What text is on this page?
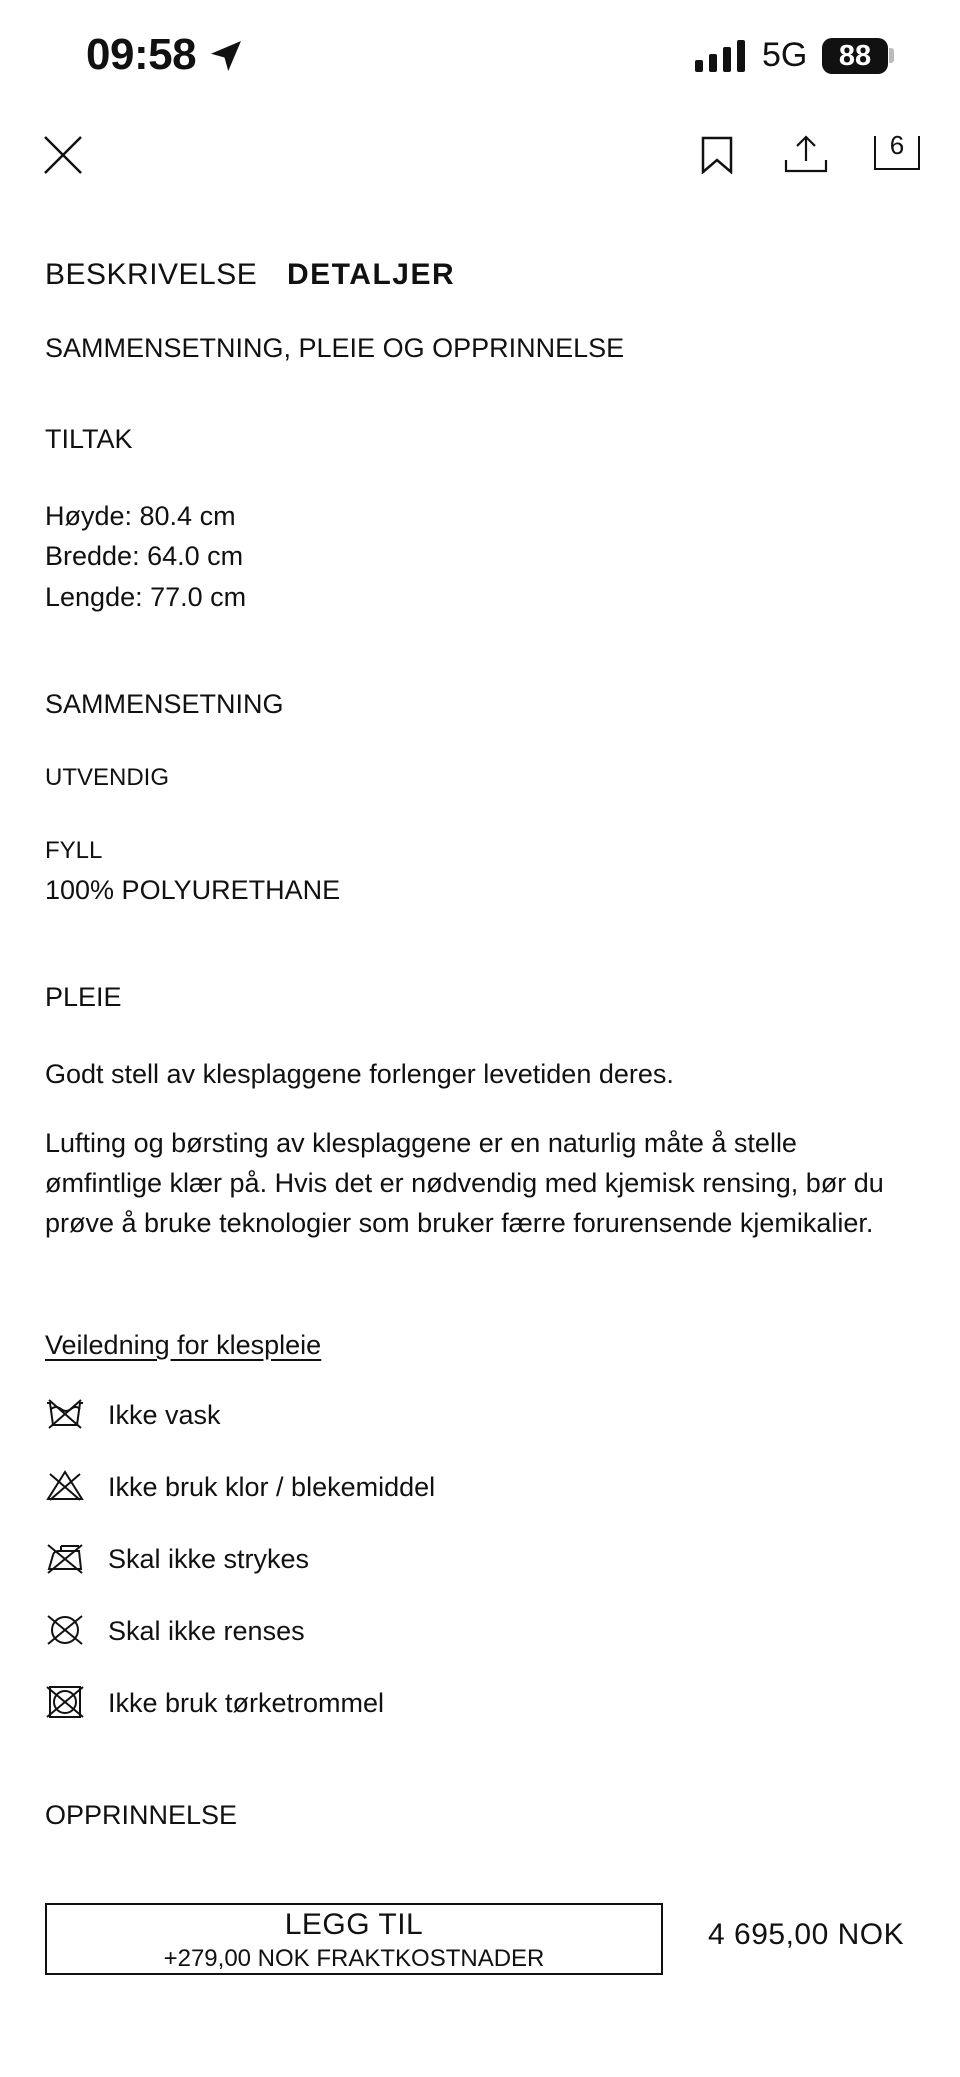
09:58	5G	88
6
BESKRIVELSE DETALJER
SAMMENSETNING, PLEIE OG OPPRINNELSE
TILTAK
Høyde: 80.4 cm
Bredde: 64.0 cm
Lengde: 77.0 cm
SAMMENSETNING
UTVENDIG
FYLL
100% POLYURETHANE
PLEIE
Godt stell av klesplaggene forlenger levetiden deres.
Lufting og børsting av klesplaggene er en naturlig måte å stelle ømfintlige klær på. Hvis det er nødvendig med kjemisk rensing, bør du prøve å bruke teknologier som bruker færre forurensende kjemikalier.
Veiledning for klespleie
Ikke vask
Ikke bruk klor / blekemiddel
Skal ikke strykes
Skal ikke renses
Ikke bruk tørketrommel
OPPRINNELSE
LEGG TIL
+279,00 NOK FRAKTKOSTNADER
4 695,00 NOK
